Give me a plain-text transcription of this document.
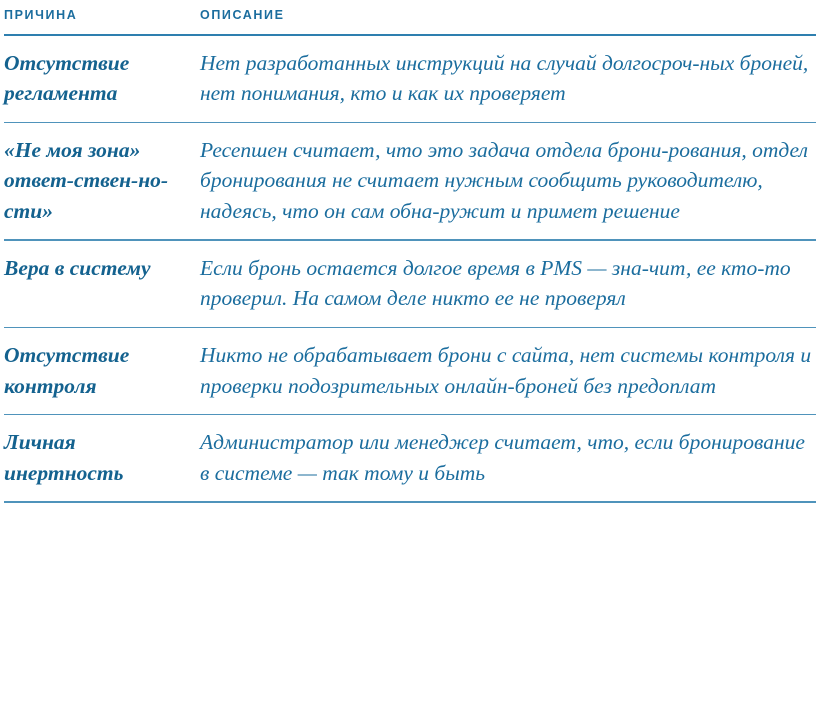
ПРИЧИНА	ОПИСАНИЕ
Отсутствие регламента
Нет разработанных инструкций на случай долгосроч-ных броней, нет понимания, кто и как их проверяет
«Не моя зона» ответ-ствен-но-сти»
Ресепшен считает, что это задача отдела брони-рования, отдел бронирования не считает нужным сообщить руководителю, надеясь, что он сам обна-ружит и примет решение
Вера в систему	Если бронь остается долгое время в PMS — зна-чит, ее кто-то проверил. На самом деле никто ее не проверял
Отсутствие контроля
Никто не обрабатывает брони с сайта, нет системы контроля и проверки подозрительных онлайн-броней без предоплат
Личная инертность
Администратор или менеджер считает, что, если бронирование в системе — так тому и быть
